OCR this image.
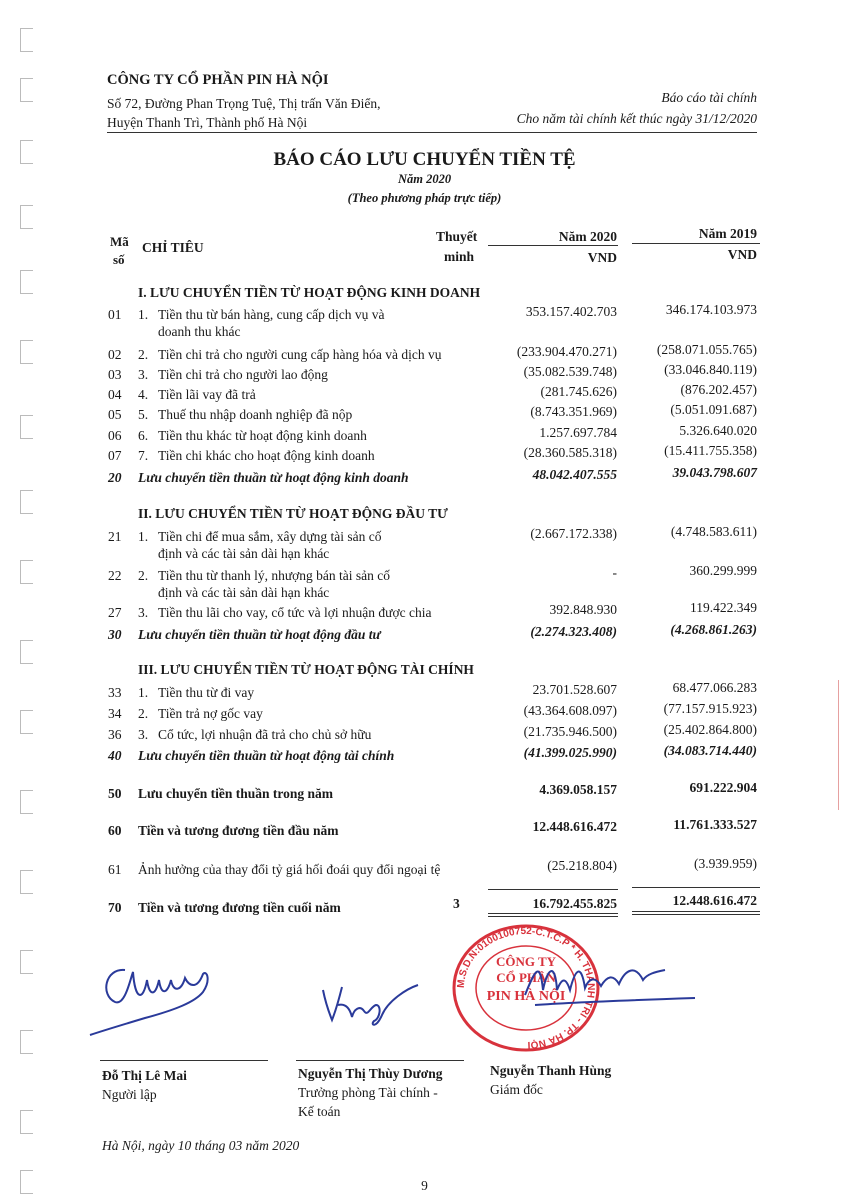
CÔNG TY CỔ PHẦN PIN HÀ NỘI
Số 72, Đường Phan Trọng Tuệ, Thị trấn Văn Điển,
Huyện Thanh Trì, Thành phố Hà Nội
Báo cáo tài chính
Cho năm tài chính kết thúc ngày 31/12/2020
BÁO CÁO LƯU CHUYỂN TIỀN TỆ
Năm 2020
(Theo phương pháp trực tiếp)
Mã
số
CHỈ TIÊU
Thuyết
minh
Năm 2020	Năm 2019
VND	VND
I. LƯU CHUYỂN TIỀN TỪ HOẠT ĐỘNG KINH DOANH
01 1. Tiền thu từ bán hàng, cung cấp dịch vụ và
doanh thu khác
353.157.402.703	346.174.103.973
02 2. Tiền chi trả cho người cung cấp hàng hóa và dịch vụ	(233.904.470.271)	(258.071.055.765)
03 3. Tiền chi trả cho người lao động	(35.082.539.748)	(33.046.840.119)
04 4. Tiền lãi vay đã trả	(281.745.626)	(876.202.457)
05 5. Thuế thu nhập doanh nghiệp đã nộp	(8.743.351.969)	(5.051.091.687)
06 6. Tiền thu khác từ hoạt động kinh doanh	1.257.697.784	5.326.640.020
07 7. Tiền chi khác cho hoạt động kinh doanh	(28.360.585.318)	(15.411.755.358)
20 Lưu chuyển tiền thuần từ hoạt động kinh doanh	48.042.407.555	39.043.798.607
II. LƯU CHUYỂN TIỀN TỪ HOẠT ĐỘNG ĐẦU TƯ
21 1. Tiền chi để mua sắm, xây dựng tài sản cố
định và các tài sản dài hạn khác
(2.667.172.338)	(4.748.583.611)
22 2. Tiền thu từ thanh lý, nhượng bán tài sản cố
định và các tài sản dài hạn khác
-	360.299.999
27 3. Tiền thu lãi cho vay, cổ tức và lợi nhuận được chia	392.848.930	119.422.349
30 Lưu chuyển tiền thuần từ hoạt động đầu tư	(2.274.323.408)	(4.268.861.263)
III. LƯU CHUYỂN TIỀN TỪ HOẠT ĐỘNG TÀI CHÍNH
33 1. Tiền thu từ đi vay	23.701.528.607	68.477.066.283
34 2. Tiền trả nợ gốc vay	(43.364.608.097)	(77.157.915.923)
36 3. Cổ tức, lợi nhuận đã trả cho chủ sở hữu	(21.735.946.500)	(25.402.864.800)
40 Lưu chuyển tiền thuần từ hoạt động tài chính	(41.399.025.990)	(34.083.714.440)
50 Lưu chuyển tiền thuần trong năm	4.369.058.157	691.222.904
60 Tiền và tương đương tiền đầu năm	12.448.616.472	11.761.333.527
61 Ảnh hưởng của thay đổi tỷ giá hối đoái quy đổi ngoại tệ	(25.218.804)	(3.939.959)
70 Tiền và tương đương tiền cuối năm	3	16.792.455.825	12.448.616.472
M.S.D.N:0100100752-C.T.C.P * H. THANH TRÌ - TP. HÀ NỘI
CÔNG TY
CỔ PHẦN
PIN HÀ NỘI
Đỗ Thị Lê Mai
Người lập
Nguyễn Thị Thùy Dương
Trưởng phòng Tài chính -
Kế toán
Nguyễn Thanh Hùng
Giám đốc
Hà Nội, ngày 10 tháng 03 năm 2020
9
